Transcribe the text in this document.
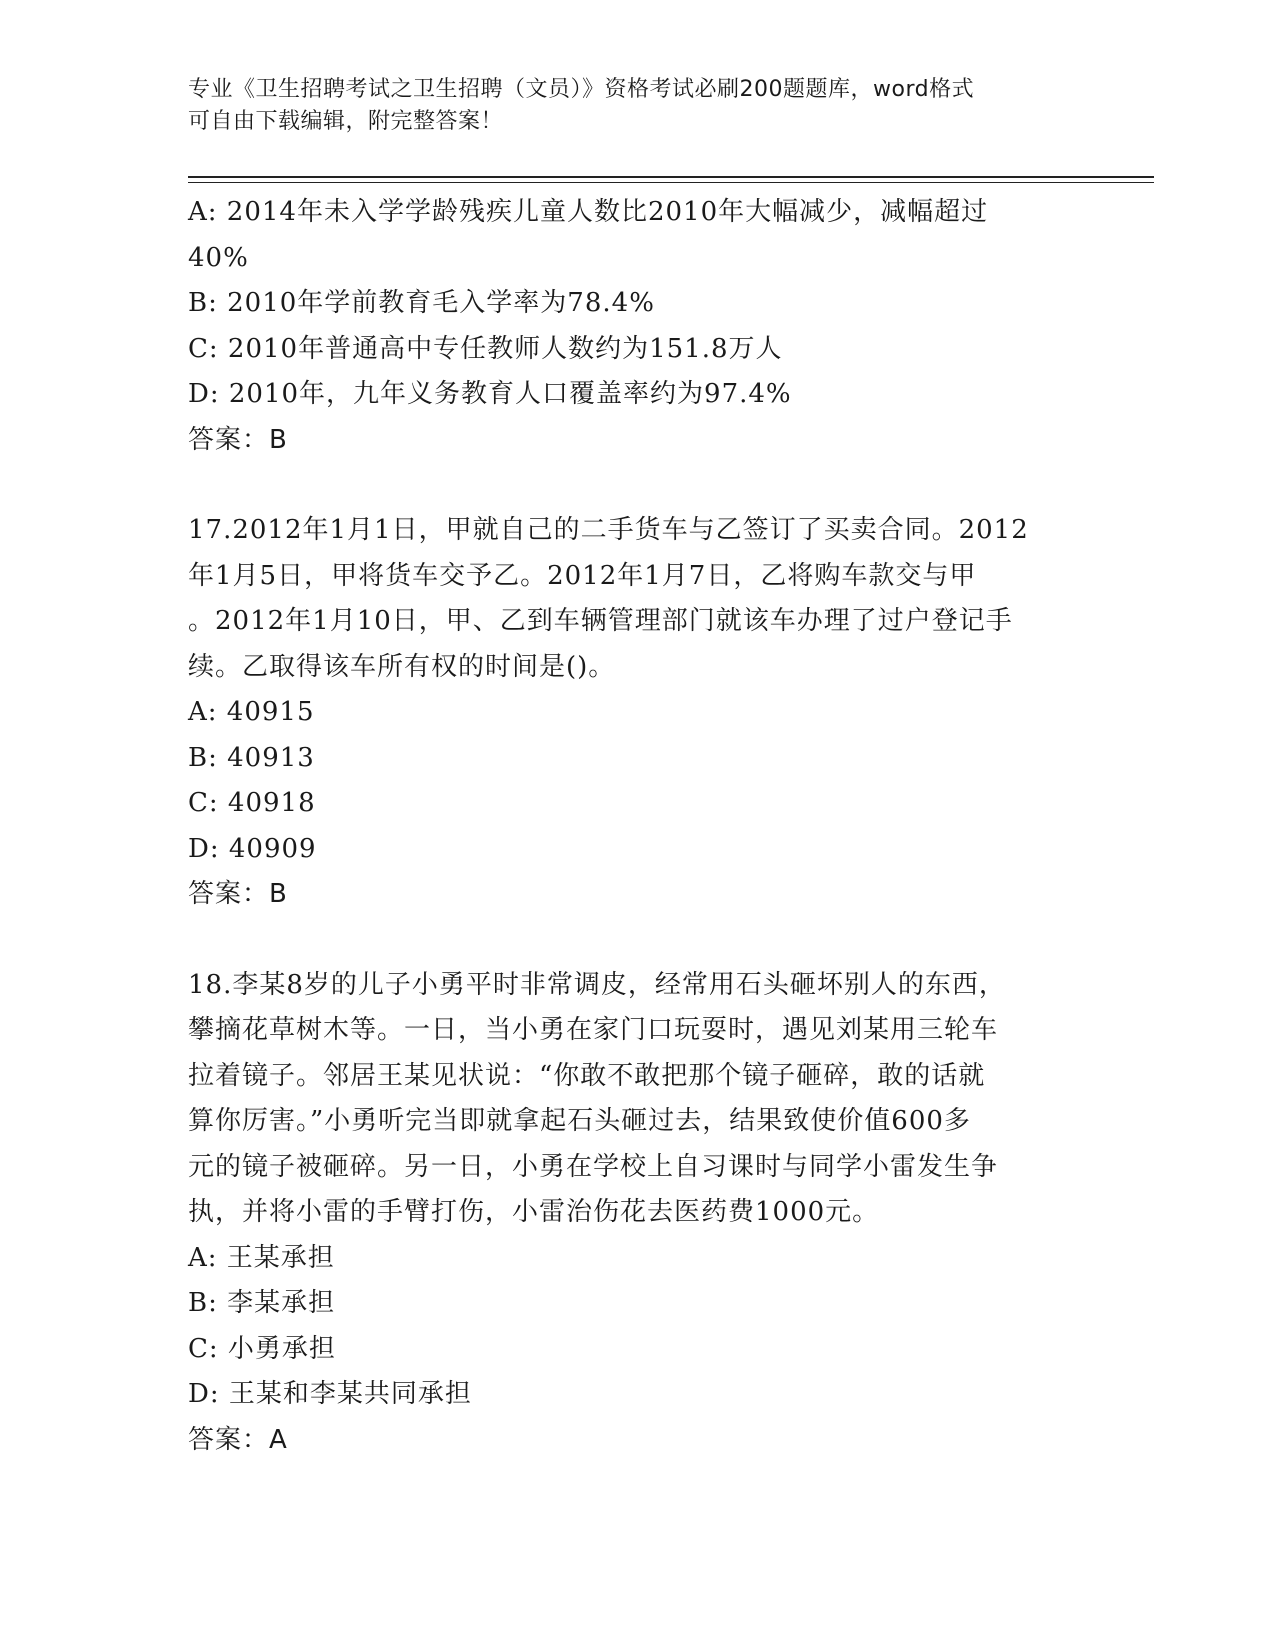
专业《卫生招聘考试之卫生招聘（文员）》资格考试必刷200题题库，word格式
可自由下载编辑，附完整答案！
A: 2014年未入学学龄残疾儿童人数比2010年大幅减少，减幅超过
40%
B: 2010年学前教育毛入学率为78.4%
C: 2010年普通高中专任教师人数约为151.8万人
D: 2010年，九年义务教育人口覆盖率约为97.4%
答案：B
17.2012年1月1日，甲就自己的二手货车与乙签订了买卖合同。2012
年1月5日，甲将货车交予乙。2012年1月7日，乙将购车款交与甲
。2012年1月10日，甲、乙到车辆管理部门就该车办理了过户登记手
续。乙取得该车所有权的时间是()。
A: 40915
B: 40913
C: 40918
D: 40909
答案：B
18.李某8岁的儿子小勇平时非常调皮，经常用石头砸坏别人的东西，
攀摘花草树木等。一日，当小勇在家门口玩耍时，遇见刘某用三轮车
拉着镜子。邻居王某见状说：“你敢不敢把那个镜子砸碎，敢的话就
算你厉害。”小勇听完当即就拿起石头砸过去，结果致使价值600多
元的镜子被砸碎。另一日，小勇在学校上自习课时与同学小雷发生争
执，并将小雷的手臂打伤，小雷治伤花去医药费1000元。
A: 王某承担
B: 李某承担
C: 小勇承担
D: 王某和李某共同承担
答案：A
